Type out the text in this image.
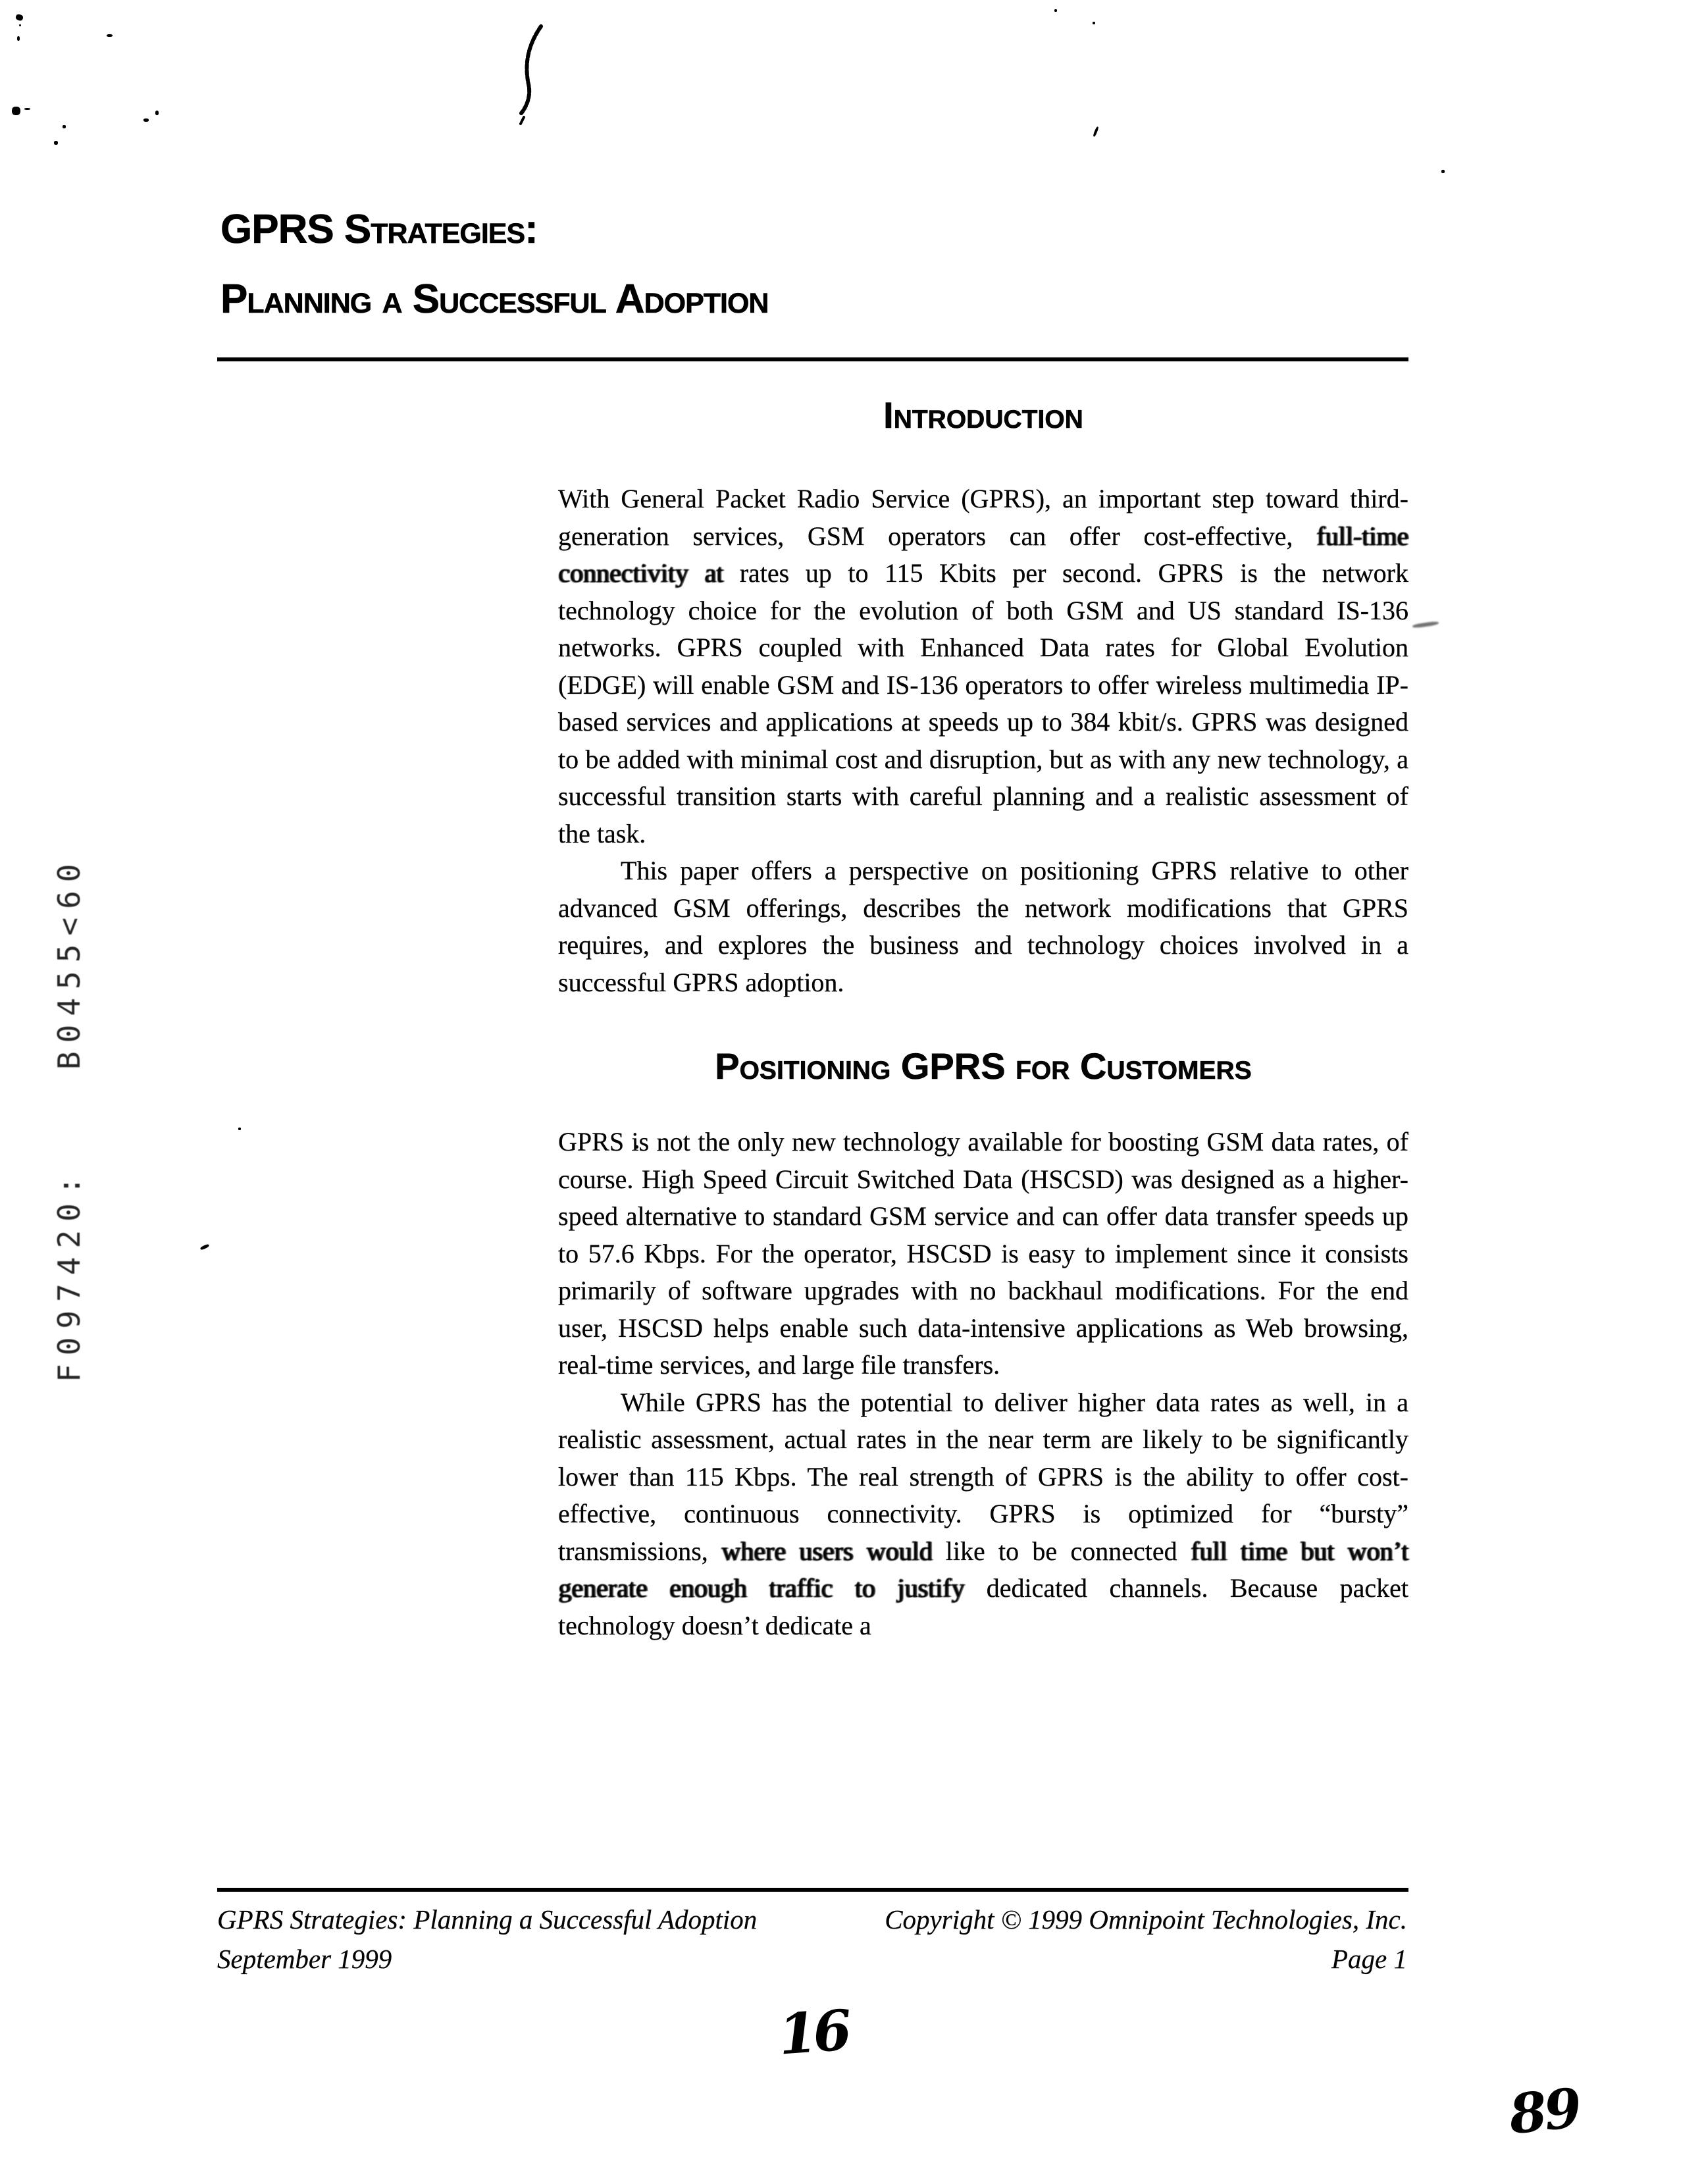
GPRS Strategies:
Planning a Successful Adoption
Introduction

With General Packet Radio Service (GPRS), an important step toward third-generation services, GSM operators can offer cost-effective, full-time connectivity at rates up to 115 Kbits per second. GPRS is the network technology choice for the evolution of both GSM and US standard IS-136 networks. GPRS coupled with Enhanced Data rates for Global Evolution (EDGE) will enable GSM and IS-136 operators to offer wireless multimedia IP-based services and applications at speeds up to 384 kbit/s. GPRS was designed to be added with minimal cost and disruption, but as with any new technology, a successful transition starts with careful planning and a realistic assessment of the task.

This paper offers a perspective on positioning GPRS relative to other advanced GSM offerings, describes the network modifications that GPRS requires, and explores the business and technology choices involved in a successful GPRS adoption.

Positioning GPRS for Customers

GPRS is not the only new technology available for boosting GSM data rates, of course. High Speed Circuit Switched Data (HSCSD) was designed as a higher-speed alternative to standard GSM service and can offer data transfer speeds up to 57.6 Kbps. For the operator, HSCSD is easy to implement since it consists primarily of software upgrades with no backhaul modifications. For the end user, HSCSD helps enable such data-intensive applications as Web browsing, real-time services, and large file transfers.

While GPRS has the potential to deliver higher data rates as well, in a realistic assessment, actual rates in the near term are likely to be significantly lower than 115 Kbps. The real strength of GPRS is the ability to offer cost-effective, continuous connectivity. GPRS is optimized for “bursty” transmissions, where users would like to be connected full time but won’t generate enough traffic to justify dedicated channels. Because packet technology doesn’t dedicate a

GPRS Strategies: Planning a Successful Adoption
September 1999
Copyright © 1999 Omnipoint Technologies, Inc.
Page 1
F097420:  B0455<60
16
89
